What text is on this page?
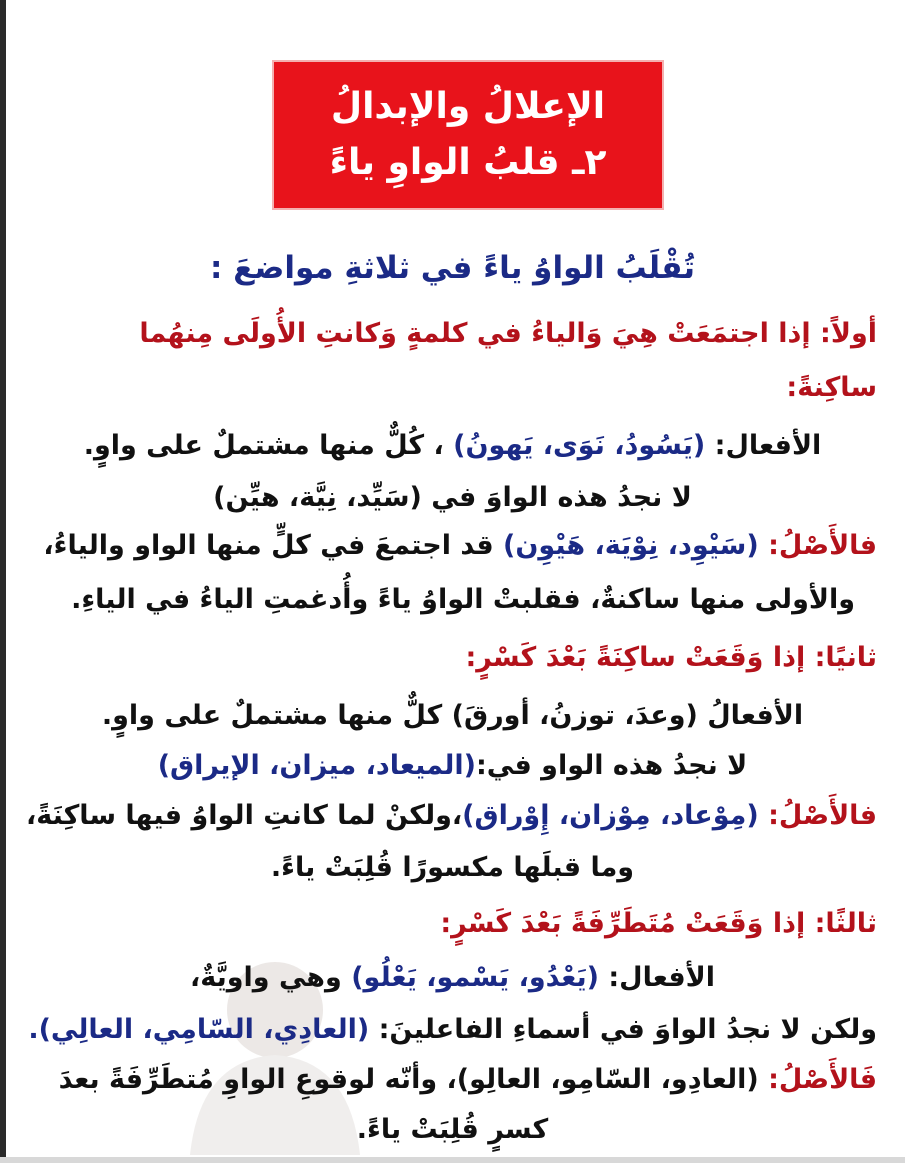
الإعلالُ والإبدالُ
٢ـ قلبُ الواوِ ياءً
تُقْلَبُ الواوُ ياءً في ثلاثةِ مواضعَ :
أولاً: إذا اجتمَعَتْ هِيَ وَالياءُ في كلمةٍ وَكانتِ الأُولَى مِنهُما
ساكِنةً:
الأفعال: (يَسُودُ، نَوَى، يَهونُ) ، كُلٌّ منها مشتملٌ على واوٍ.
لا نجدُ هذه الواوَ في (سَيِّد، نِيَّة، هيِّن)
فالأَصْلُ: (سَيْوِد، نِوْيَة، هَيْوِن) قد اجتمعَ في كلٍّ منها الواو والياءُ،
والأولى منها ساكنةٌ، فقلبتْ الواوُ ياءً وأُدغمتِ الياءُ في الياءِ.
ثانيًا: إذا وَقَعَتْ ساكِنَةً بَعْدَ كَسْرٍ:
الأفعالُ (وعدَ، توزنُ، أورقَ) كلٌّ منها مشتملٌ على واوٍ.
لا نجدُ هذه الواو في:(الميعاد، ميزان، الإيراق)
فالأَصْلُ: (مِوْعاد، مِوْزان، إِوْراق)،ولكنْ لما كانتِ الواوُ فيها ساكِنَةً،
وما قبلَها مكسورًا قُلِبَتْ ياءً.
ثالثًا: إذا وَقَعَتْ مُتَطَرِّفَةً بَعْدَ كَسْرٍ:
الأفعال: (يَعْدُو، يَسْمو، يَعْلُو) وهي واويَّةٌ،
ولكن لا نجدُ الواوَ في أسماءِ الفاعلينَ: (العادِي، السّامِي، العالِي).
فَالأَصْلُ: (العادِو، السّامِو، العالِو)، وأنّه لوقوعِ الواوِ مُتطَرِّفَةً بعدَ
كسرٍ قُلِبَتْ ياءً.
